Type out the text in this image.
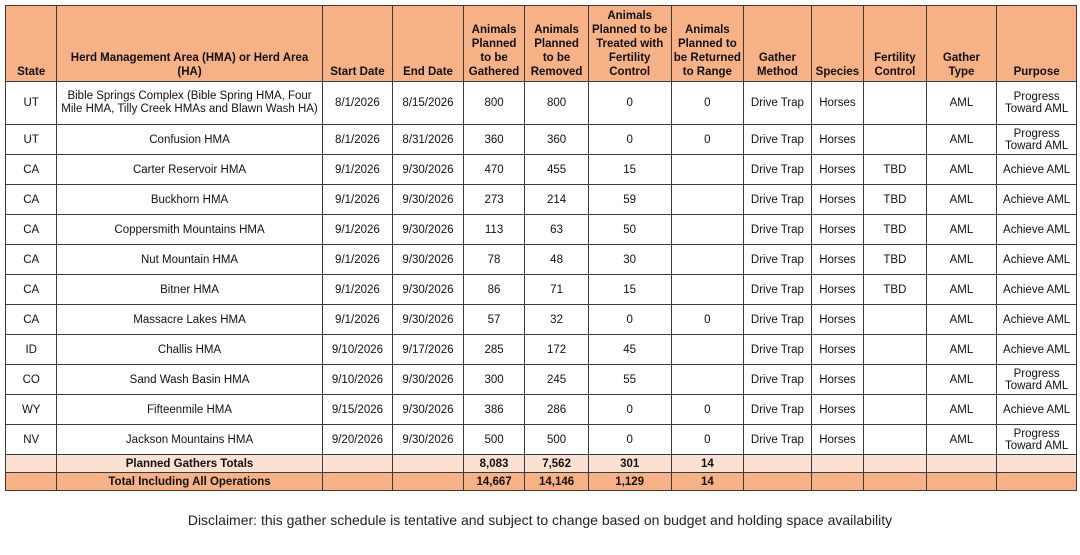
State	Herd Management Area (HMA) or Herd Area (HA)	Start Date	End Date	Animals Planned to be Gathered	Animals Planned to be Removed	Animals Planned to be Treated with Fertility Control	Animals Planned to be Returned to Range	Gather Method	Species	Fertility Control	Gather Type	Purpose
UT	Bible Springs Complex (Bible Spring HMA, Four Mile HMA, Tilly Creek HMAs and Blawn Wash HA)	8/1/2026	8/15/2026	800	800	0	0	Drive Trap	Horses		AML	Progress Toward AML
UT	Confusion HMA	8/1/2026	8/31/2026	360	360	0	0	Drive Trap	Horses		AML	Progress Toward AML
CA	Carter Reservoir HMA	9/1/2026	9/30/2026	470	455	15		Drive Trap	Horses	TBD	AML	Achieve AML
CA	Buckhorn HMA	9/1/2026	9/30/2026	273	214	59		Drive Trap	Horses	TBD	AML	Achieve AML
CA	Coppersmith Mountains HMA	9/1/2026	9/30/2026	113	63	50		Drive Trap	Horses	TBD	AML	Achieve AML
CA	Nut Mountain HMA	9/1/2026	9/30/2026	78	48	30		Drive Trap	Horses	TBD	AML	Achieve AML
CA	Bitner HMA	9/1/2026	9/30/2026	86	71	15		Drive Trap	Horses	TBD	AML	Achieve AML
CA	Massacre Lakes HMA	9/1/2026	9/30/2026	57	32	0	0	Drive Trap	Horses		AML	Achieve AML
ID	Challis HMA	9/10/2026	9/17/2026	285	172	45		Drive Trap	Horses		AML	Achieve AML
CO	Sand Wash Basin HMA	9/10/2026	9/30/2026	300	245	55		Drive Trap	Horses		AML	Progress Toward AML
WY	Fifteenmile HMA	9/15/2026	9/30/2026	386	286	0	0	Drive Trap	Horses		AML	Achieve AML
NV	Jackson Mountains HMA	9/20/2026	9/30/2026	500	500	0	0	Drive Trap	Horses		AML	Progress Toward AML
	Planned Gathers Totals			8,083	7,562	301	14					
	Total Including All Operations			14,667	14,146	1,129	14					
Disclaimer: this gather schedule is tentative and subject to change based on budget and holding space availability
